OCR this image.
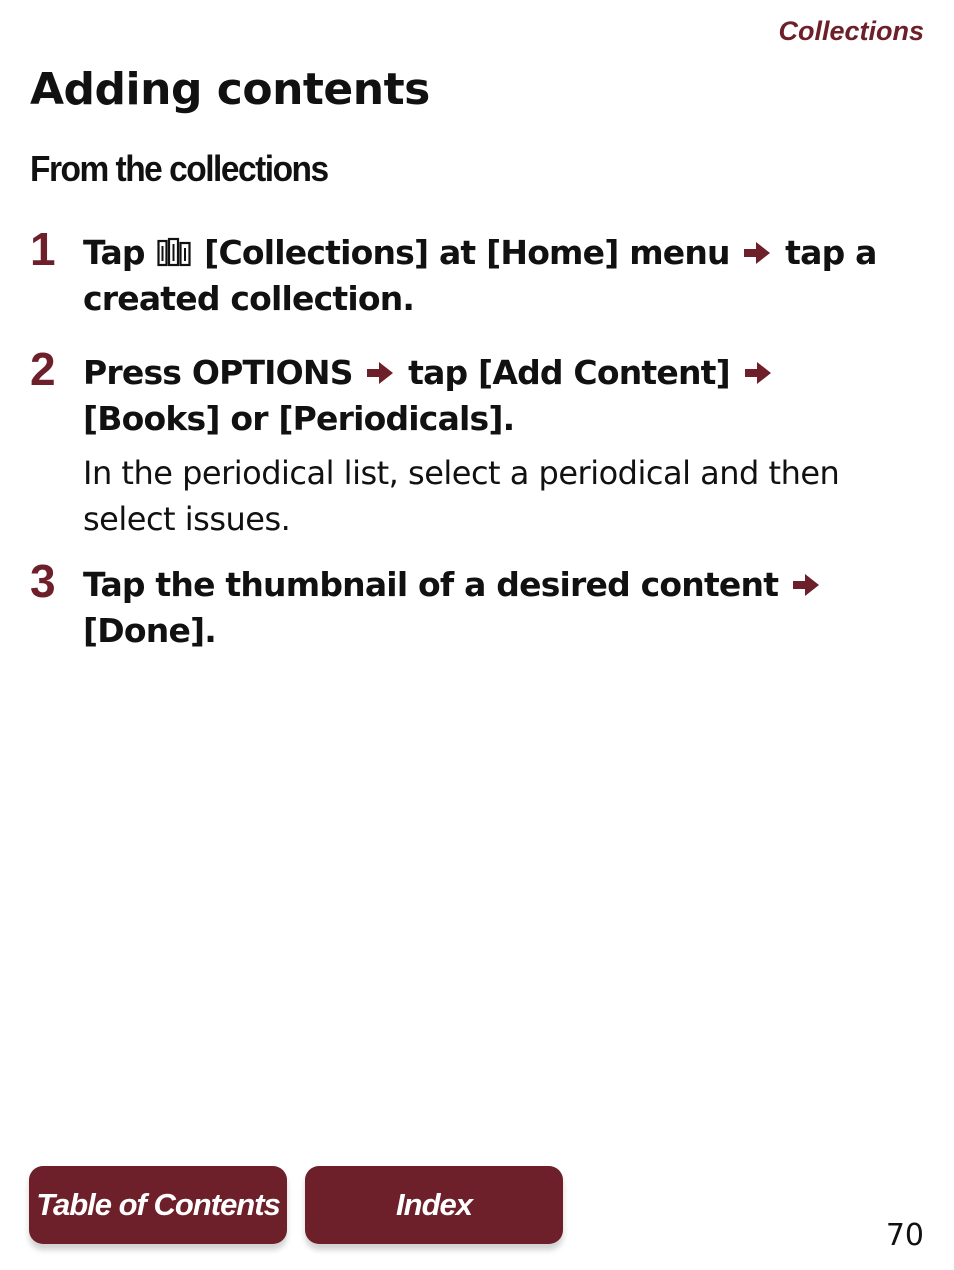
Collections
Adding contents
From the collections
1 Tap [Collections] at [Home] menu tap a created collection.
2 Press OPTIONS tap [Add Content]  [Books] or [Periodicals].
In the periodical list, select a periodical and then select issues.
3 Tap the thumbnail of a desired content  [Done].
Table of Contents	Index
70
